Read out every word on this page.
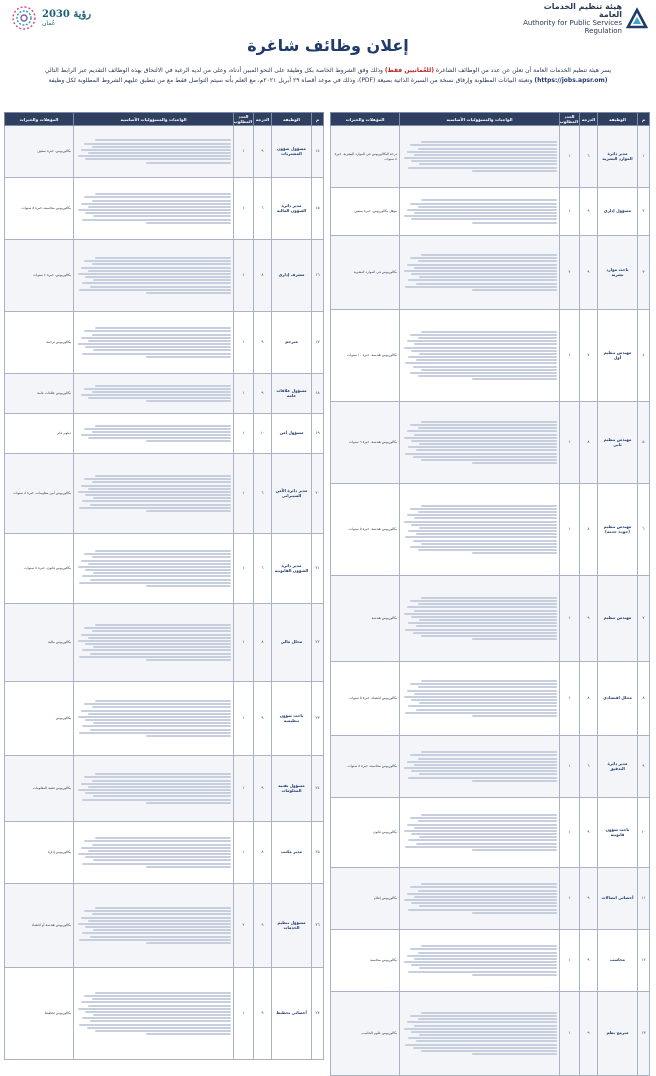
هيئة تنظيم الخدمات العامة
Authority for Public Services Regulation
رؤية 2030
عُمان
إعلان وظائف شاغرة
يسر هيئة تنظيم الخدمات العامة أن تعلن عن عدد من الوظائف الشاغرة (للعُمانيين فقط) وذلك وفق الشروط الخاصة بكل وظيفة على النحو المبين أدناه، وعلى من لديه الرغبة في الالتحاق بهذه الوظائف التقديم عبر الرابط التالي (https://jobs.apsr.om) وتعبئة البيانات المطلوبة وإرفاق نسخة من السيرة الذاتية بصيغة (PDF)، وذلك في موعد أقصاه ٢٩ أبريل ٢٠٢١م، مع العلم بأنه سيتم التواصل فقط مع من تنطبق عليهم الشروط المطلوبة لكل وظيفة
م	الوظيفة	الدرجة	العدد المطلوب	الواجبات والمسؤوليات الأساسية	المؤهلات والخبرات
١	مدير دائرة الموارد البشرية	٦	١		درجة البكالوريوس في الموارد البشرية، خبرة ٨ سنوات
٢	مسؤول إداري	٩	١		مؤهل بكالوريوس، خبرة سنتين
٣	باحث موارد بشرية	٩	٢		بكالوريوس في الموارد البشرية
٤	مهندس تنظيم أول	٧	١		بكالوريوس هندسة، خبرة ١٠ سنوات
٥	مهندس تنظيم ثاني	٨	١		بكالوريوس هندسة، خبرة ٦ سنوات
٦	مهندس تنظيم (جودة خدمة)	٨	١		بكالوريوس هندسة، خبرة ٥ سنوات
٧	مهندس تنظيم	٩	١		بكالوريوس هندسة
٨	محلل اقتصادي	٨	١		بكالوريوس اقتصاد، خبرة ٥ سنوات
٩	مدير دائرة التدقيق	٦	١		بكالوريوس محاسبة، خبرة ٨ سنوات
١٠	باحث شؤون قانونية	٩	١		بكالوريوس قانون
١١	أخصائي اتصالات	٩	١		بكالوريوس إعلام
١٢	محاسب	٩	١		بكالوريوس محاسبة
١٣	مبرمج نظم	٩	١		بكالوريوس علوم الحاسب
م	الوظيفة	الدرجة	العدد المطلوب	الواجبات والمسؤوليات الأساسية	المؤهلات والخبرات
١٤	مسؤول شؤون المشتريات	٩	١		بكالوريوس، خبرة سنتين
١٥	مدير دائرة الشؤون المالية	٦	١		بكالوريوس محاسبة، خبرة ٨ سنوات
١٦	مشرف إداري	٨	١		بكالوريوس، خبرة ٤ سنوات
١٧	مترجم	٩	١		بكالوريوس ترجمة
١٨	مسؤول علاقات عامة	٩	١		بكالوريوس علاقات عامة
١٩	مسؤول أمن	١٠	١		دبلوم عام
٢٠	مدير دائرة الأمن السيبراني	٦	١		بكالوريوس أمن معلومات، خبرة ٨ سنوات
٢١	مدير دائرة الشؤون القانونية	٦	١		بكالوريوس قانون، خبرة ٨ سنوات
٢٢	محلل مالي	٨	١		بكالوريوس مالية
٢٣	باحث شؤون تنظيمية	٩	١		بكالوريوس
٢٤	مسؤول تقنية المعلومات	٩	١		بكالوريوس تقنية المعلومات
٢٥	مدير مكتب	٨	١		بكالوريوس إدارة
٢٦	مسؤول تنظيم الخدمات	٩	٢		بكالوريوس هندسة أو اقتصاد
٢٧	أخصائي تخطيط	٩	١		بكالوريوس تخطيط
